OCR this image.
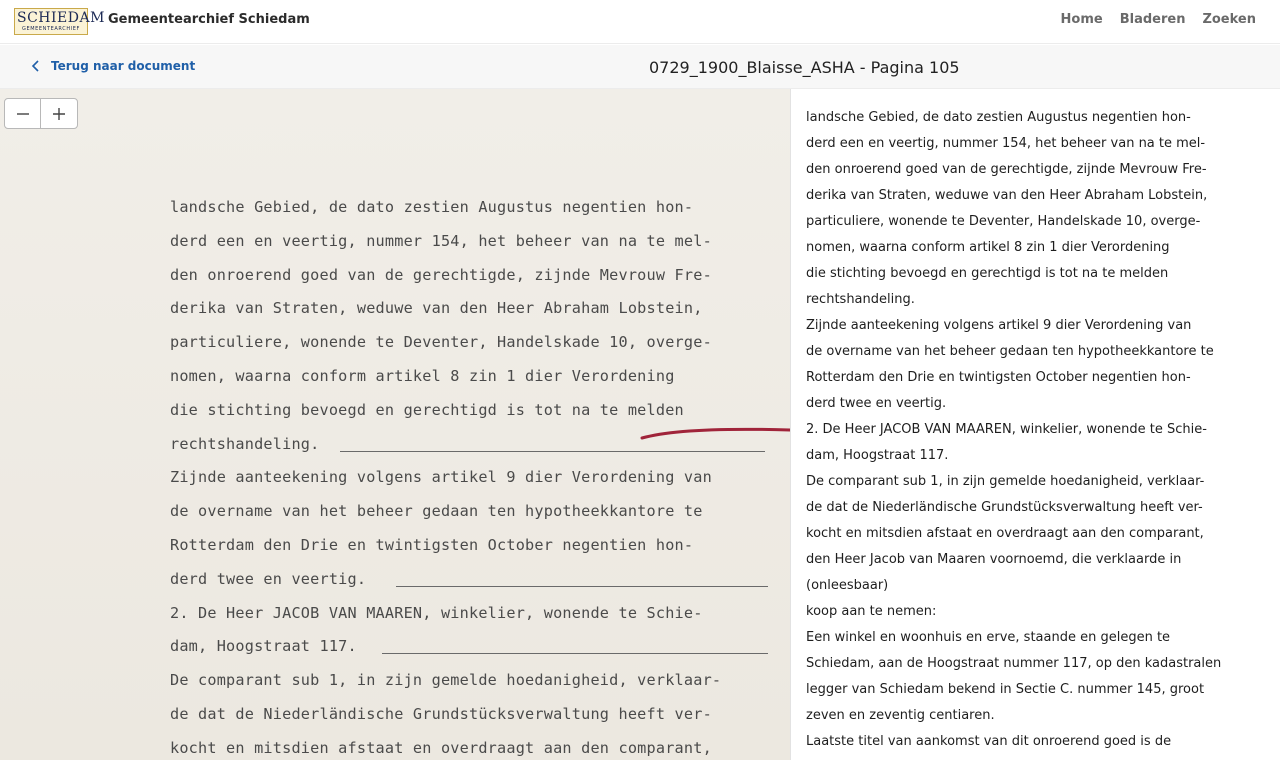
SCHIEDAM
GEMEENTEARCHIEF
Gemeentearchief Schiedam	Home Bladeren Zoeken
Terug naar document	0729_1900_Blaisse_ASHA - Pagina 105
landsche Gebied, de dato zestien Augustus negentien hon-
derd een en veertig, nummer 154, het beheer van na te mel-
den onroerend goed van de gerechtigde, zijnde Mevrouw Fre-
derika van Straten, weduwe van den Heer Abraham Lobstein,
particuliere, wonende te Deventer, Handelskade 10, overge-
nomen, waarna conform artikel 8 zin 1 dier Verordening
die stichting bevoegd en gerechtigd is tot na te melden
rechtshandeling.
Zijnde aanteekening volgens artikel 9 dier Verordening van
de overname van het beheer gedaan ten hypotheekkantore te
Rotterdam den Drie en twintigsten October negentien hon-
derd twee en veertig.
2. De Heer JACOB VAN MAAREN, winkelier, wonende te Schie-
dam, Hoogstraat 117.
De comparant sub 1, in zijn gemelde hoedanigheid, verklaar-
de dat de Niederländische Grundstücksverwaltung heeft ver-
kocht en mitsdien afstaat en overdraagt aan den comparant,
landsche Gebied, de dato zestien Augustus negentien hon-
derd een en veertig, nummer 154, het beheer van na te mel-
den onroerend goed van de gerechtigde, zijnde Mevrouw Fre-
derika van Straten, weduwe van den Heer Abraham Lobstein,
particuliere, wonende te Deventer, Handelskade 10, overge-
nomen, waarna conform artikel 8 zin 1 dier Verordening
die stichting bevoegd en gerechtigd is tot na te melden
rechtshandeling.
Zijnde aanteekening volgens artikel 9 dier Verordening van
de overname van het beheer gedaan ten hypotheekkantore te
Rotterdam den Drie en twintigsten October negentien hon-
derd twee en veertig.
2. De Heer JACOB VAN MAAREN, winkelier, wonende te Schie-
dam, Hoogstraat 117.
De comparant sub 1, in zijn gemelde hoedanigheid, verklaar-
de dat de Niederländische Grundstücksverwaltung heeft ver-
kocht en mitsdien afstaat en overdraagt aan den comparant,
den Heer Jacob van Maaren voornoemd, die verklaarde in
(onleesbaar)
koop aan te nemen:
Een winkel en woonhuis en erve, staande en gelegen te
Schiedam, aan de Hoogstraat nummer 117, op den kadastralen
legger van Schiedam bekend in Sectie C. nummer 145, groot
zeven en zeventig centiaren.
Laatste titel van aankomst van dit onroerend goed is de
